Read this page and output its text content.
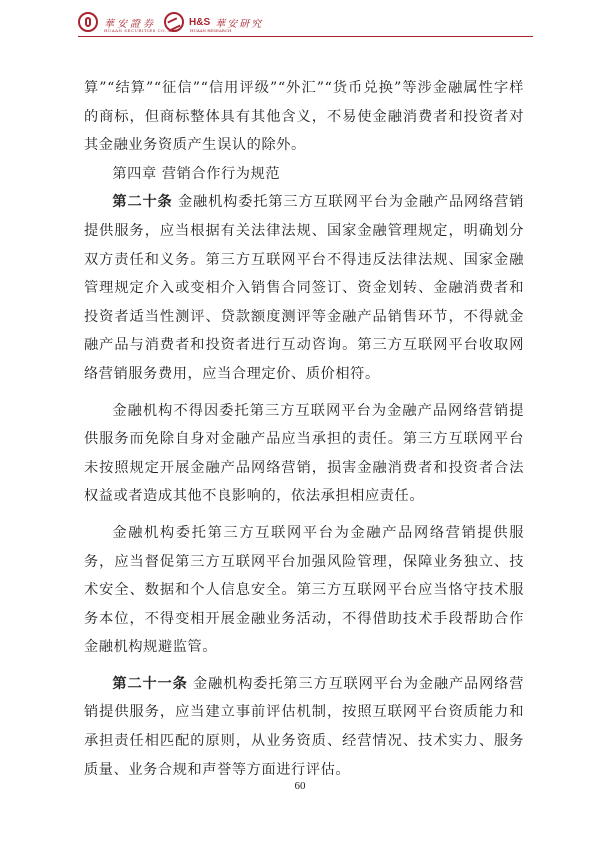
華安證券
HUAAN SECURITIES CO.,LTD
H&S 華安研究
HUAAN RESEARCH

算”“结算”“征信”“信用评级”“外汇”“货币兑换”等涉金融属性字样的商标，但商标整体具有其他含义，不易使金融消费者和投资者对其金融业务资质产生误认的除外。

第四章 营销合作行为规范

第二十条 金融机构委托第三方互联网平台为金融产品网络营销提供服务，应当根据有关法律法规、国家金融管理规定，明确划分双方责任和义务。第三方互联网平台不得违反法律法规、国家金融管理规定介入或变相介入销售合同签订、资金划转、金融消费者和投资者适当性测评、贷款额度测评等金融产品销售环节，不得就金融产品与消费者和投资者进行互动咨询。第三方互联网平台收取网络营销服务费用，应当合理定价、质价相符。

金融机构不得因委托第三方互联网平台为金融产品网络营销提供服务而免除自身对金融产品应当承担的责任。第三方互联网平台未按照规定开展金融产品网络营销，损害金融消费者和投资者合法权益或者造成其他不良影响的，依法承担相应责任。

金融机构委托第三方互联网平台为金融产品网络营销提供服务，应当督促第三方互联网平台加强风险管理，保障业务独立、技术安全、数据和个人信息安全。第三方互联网平台应当恪守技术服务本位，不得变相开展金融业务活动，不得借助技术手段帮助合作金融机构规避监管。

第二十一条 金融机构委托第三方互联网平台为金融产品网络营销提供服务，应当建立事前评估机制，按照互联网平台资质能力和承担责任相匹配的原则，从业务资质、经营情况、技术实力、服务质量、业务合规和声誉等方面进行评估。

60
